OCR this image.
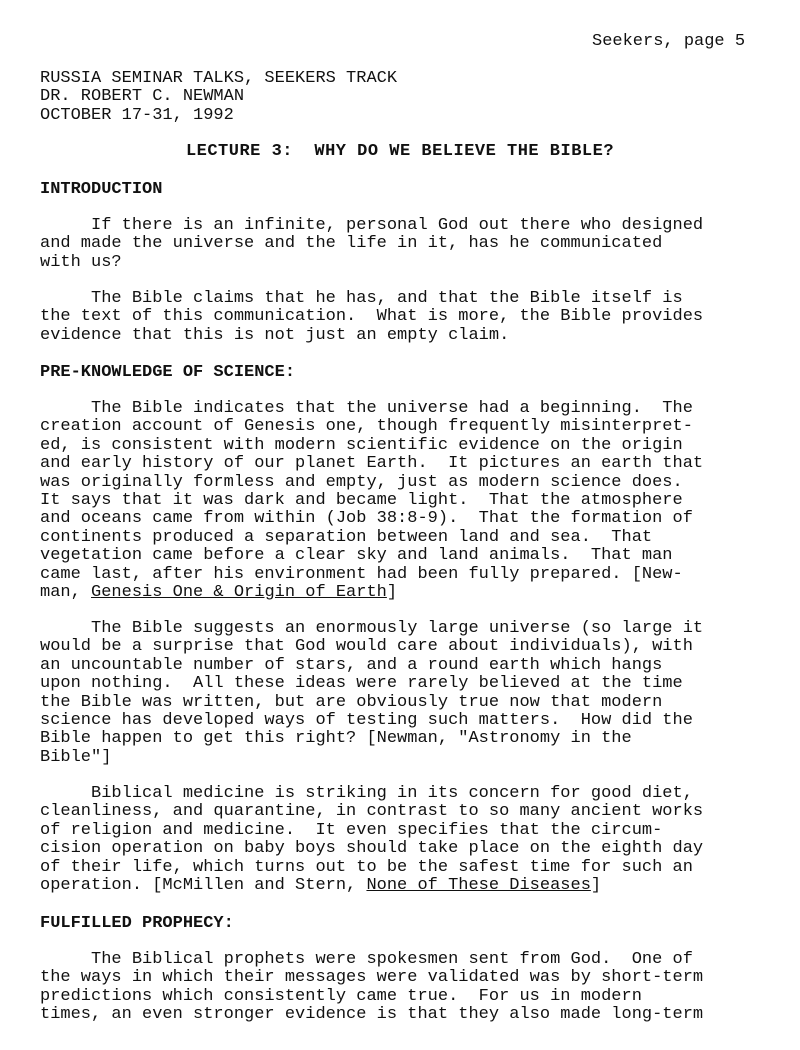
Seekers, page 5
RUSSIA SEMINAR TALKS, SEEKERS TRACK
DR. ROBERT C. NEWMAN
OCTOBER 17-31, 1992
LECTURE 3:  WHY DO WE BELIEVE THE BIBLE?
INTRODUCTION
If there is an infinite, personal God out there who designed
and made the universe and the life in it, has he communicated
with us?
The Bible claims that he has, and that the Bible itself is
the text of this communication.  What is more, the Bible provides
evidence that this is not just an empty claim.
PRE-KNOWLEDGE OF SCIENCE:
The Bible indicates that the universe had a beginning.  The
creation account of Genesis one, though frequently misinterpret-
ed, is consistent with modern scientific evidence on the origin
and early history of our planet Earth.  It pictures an earth that
was originally formless and empty, just as modern science does.
It says that it was dark and became light.  That the atmosphere
and oceans came from within (Job 38:8-9).  That the formation of
continents produced a separation between land and sea.  That
vegetation came before a clear sky and land animals.  That man
came last, after his environment had been fully prepared. [New-
man, Genesis One & Origin of Earth]
The Bible suggests an enormously large universe (so large it
would be a surprise that God would care about individuals), with
an uncountable number of stars, and a round earth which hangs
upon nothing.  All these ideas were rarely believed at the time
the Bible was written, but are obviously true now that modern
science has developed ways of testing such matters.  How did the
Bible happen to get this right? [Newman, "Astronomy in the
Bible"]
Biblical medicine is striking in its concern for good diet,
cleanliness, and quarantine, in contrast to so many ancient works
of religion and medicine.  It even specifies that the circum-
cision operation on baby boys should take place on the eighth day
of their life, which turns out to be the safest time for such an
operation. [McMillen and Stern, None of These Diseases]
FULFILLED PROPHECY:
The Biblical prophets were spokesmen sent from God.  One of
the ways in which their messages were validated was by short-term
predictions which consistently came true.  For us in modern
times, an even stronger evidence is that they also made long-term
